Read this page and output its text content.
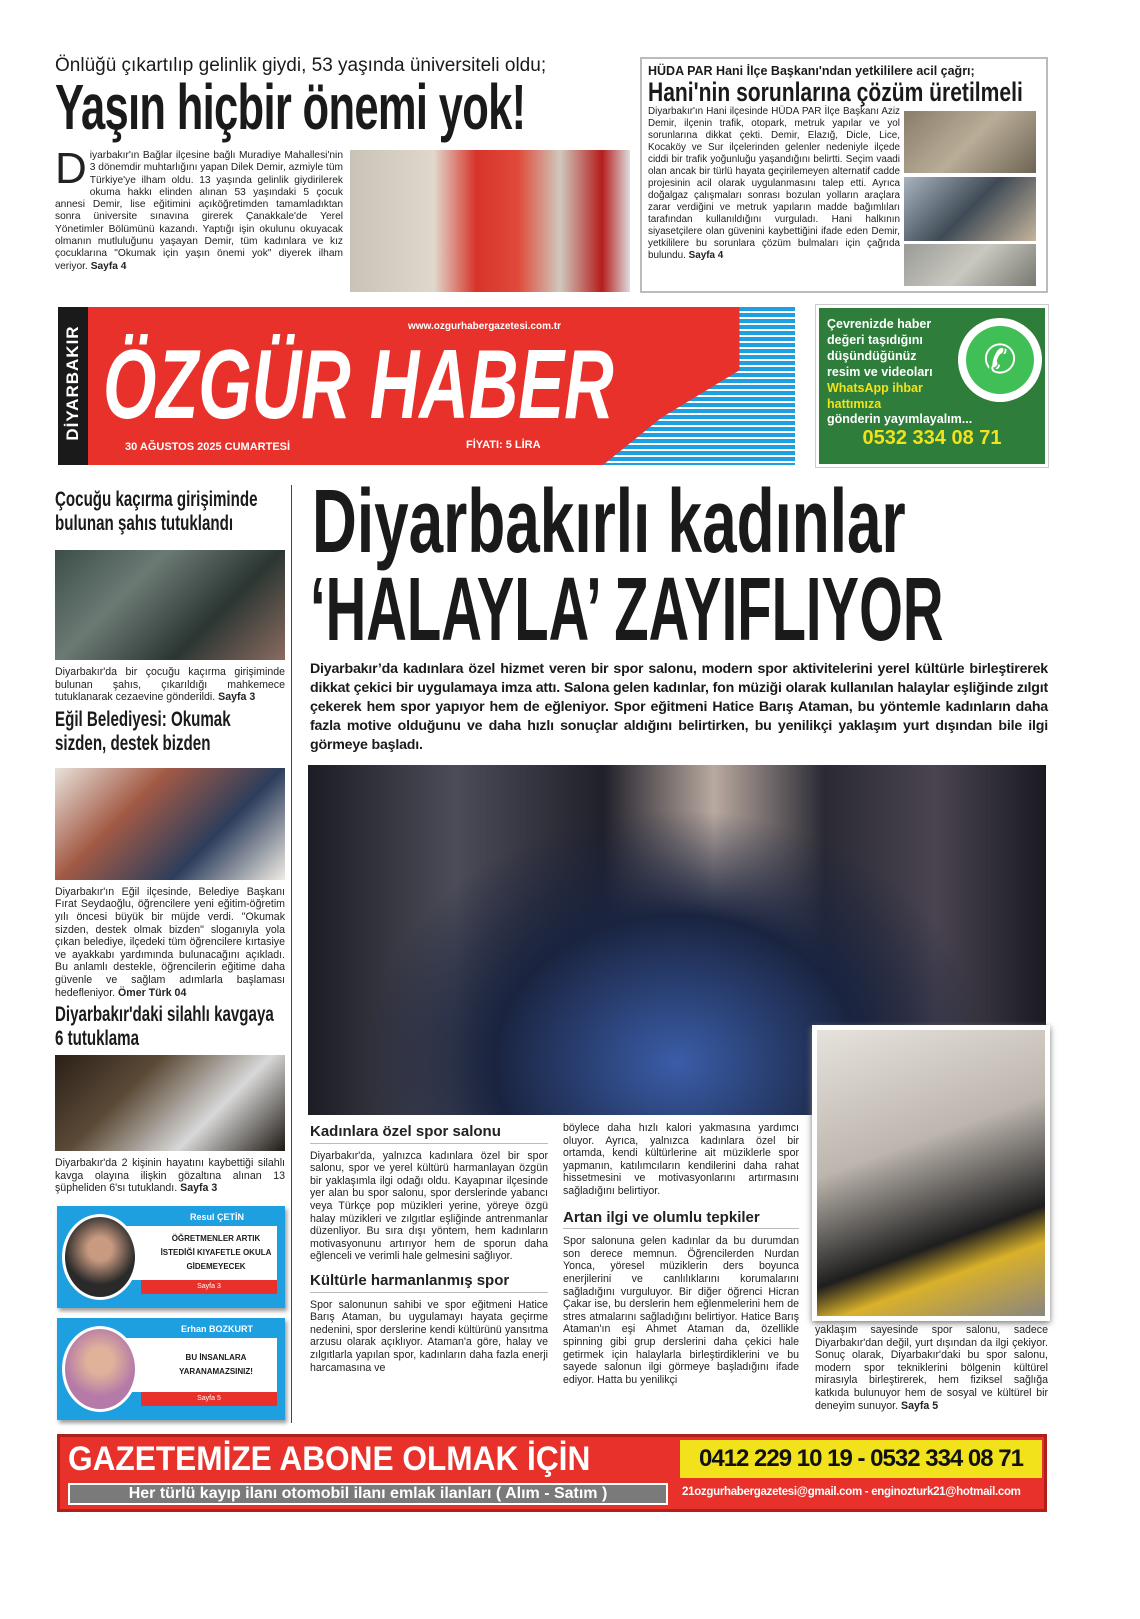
Önlüğü çıkartılıp gelinlik giydi, 53 yaşında üniversiteli oldu;
Yaşın hiçbir önemi yok!
Diyarbakır'ın Bağlar ilçesine bağlı Muradiye Mahallesi'nin 3 dönemdir muhtarlığını yapan Dilek Demir, azmiyle tüm Türkiye'ye ilham oldu. 13 yaşında gelinlik giydirilerek okuma hakkı elinden alınan 53 yaşındaki 5 çocuk annesi Demir, lise eğitimini açıköğretimden tamamladıktan sonra üniversite sınavına girerek Çanakkale'de Yerel Yönetimler Bölümünü kazandı. Yaptığı işin okulunu okuyacak olmanın mutluluğunu yaşayan Demir, tüm kadınlara ve kız çocuklarına "Okumak için yaşın önemi yok" diyerek ilham veriyor. Sayfa 4
HÜDA PAR Hani İlçe Başkanı'ndan yetkililere acil çağrı;
Hani'nin sorunlarına çözüm üretilmeli
Diyarbakır'ın Hani ilçesinde HÜDA PAR İlçe Başkanı Aziz Demir, ilçenin trafik, otopark, metruk yapılar ve yol sorunlarına dikkat çekti. Demir, Elazığ, Dicle, Lice, Kocaköy ve Sur ilçelerinden gelenler nedeniyle ilçede ciddi bir trafik yoğunluğu yaşandığını belirtti. Seçim vaadi olan ancak bir türlü hayata geçirilemeyen alternatif cadde projesinin acil olarak uygulanmasını talep etti. Ayrıca doğalgaz çalışmaları sonrası bozulan yolların araçlara zarar verdiğini ve metruk yapıların madde bağımlıları tarafından kullanıldığını vurguladı. Hani halkının siyasetçilere olan güvenini kaybettiğini ifade eden Demir, yetkililere bu sorunlara çözüm bulmaları için çağrıda bulundu. Sayfa 4
DİYARBAKIR	www.ozgurhabergazetesi.com.tr
ÖZGÜR HABER
30 AĞUSTOS 2025 CUMARTESİ	FİYATI: 5 LİRA
Çevrenizde haber değeri taşıdığını düşündüğünüz resim ve videoları
WhatsApp ihbar hattımıza
gönderin yayımlayalım...
0532 334 08 71
✆
Çocuğu kaçırma girişiminde bulunan şahıs tutuklandı
Diyarbakır'da bir çocuğu kaçırma girişiminde bulunan şahıs, çıkarıldığı mahkemece tutuklanarak cezaevine gönderildi. Sayfa 3
Eğil Belediyesi: Okumak sizden, destek bizden
Diyarbakır'ın Eğil ilçesinde, Belediye Başkanı Fırat Seydaoğlu, öğrencilere yeni eğitim-öğretim yılı öncesi büyük bir müjde verdi. "Okumak sizden, destek olmak bizden" sloganıyla yola çıkan belediye, ilçedeki tüm öğrencilere kırtasiye ve ayakkabı yardımında bulunacağını açıkladı. Bu anlamlı destekle, öğrencilerin eğitime daha güvenle ve sağlam adımlarla başlaması hedefleniyor. Ömer Türk 04
Diyarbakır'daki silahlı kavgaya 6 tutuklama
Diyarbakır'da 2 kişinin hayatını kaybettiği silahlı kavga olayına ilişkin gözaltına alınan 13 şüpheliden 6'sı tutuklandı. Sayfa 3
Resul ÇETİN
ÖĞRETMENLER ARTIK İSTEDİĞİ KIYAFETLE OKULA GİDEMEYECEK
Sayfa 3
Erhan BOZKURT
BU İNSANLARA YARANAMAZSINIZ!
Sayfa 5
Diyarbakırlı kadınlar
‘HALAYLA’ ZAYIFLIYOR
Diyarbakır’da kadınlara özel hizmet veren bir spor salonu, modern spor aktivitelerini yerel kültürle birleştirerek dikkat çekici bir uygulamaya imza attı. Salona gelen kadınlar, fon müziği olarak kullanılan halaylar eşliğinde zılgıt çekerek hem spor yapıyor hem de eğleniyor. Spor eğitmeni Hatice Barış Ataman, bu yöntemle kadınların daha fazla motive olduğunu ve daha hızlı sonuçlar aldığını belirtirken, bu yenilikçi yaklaşım yurt dışından bile ilgi görmeye başladı.
Kadınlara özel spor salonu
Diyarbakır'da, yalnızca kadınlara özel bir spor salonu, spor ve yerel kültürü harmanlayan özgün bir yaklaşımla ilgi odağı oldu. Kayapınar ilçesinde yer alan bu spor salonu, spor derslerinde yabancı veya Türkçe pop müzikleri yerine, yöreye özgü halay müzikleri ve zılgıtlar eşliğinde antrenmanlar düzenliyor. Bu sıra dışı yöntem, hem kadınların motivasyonunu artırıyor hem de sporun daha eğlenceli ve verimli hale gelmesini sağlıyor.
Kültürle harmanlanmış spor
Spor salonunun sahibi ve spor eğitmeni Hatice Barış Ataman, bu uygulamayı hayata geçirme nedenini, spor derslerine kendi kültürünü yansıtma arzusu olarak açıklıyor. Ataman'a göre, halay ve zılgıtlarla yapılan spor, kadınların daha fazla enerji harcamasına ve
böylece daha hızlı kalori yakmasına yardımcı oluyor. Ayrıca, yalnızca kadınlara özel bir ortamda, kendi kültürlerine ait müziklerle spor yapmanın, katılımcıların kendilerini daha rahat hissetmesini ve motivasyonlarını artırmasını sağladığını belirtiyor.
Artan ilgi ve olumlu tepkiler
Spor salonuna gelen kadınlar da bu durumdan son derece memnun. Öğrencilerden Nurdan Yonca, yöresel müziklerin ders boyunca enerjilerini ve canlılıklarını korumalarını sağladığını vurguluyor. Bir diğer öğrenci Hicran Çakar ise, bu derslerin hem eğlenmelerini hem de stres atmalarını sağladığını belirtiyor. Hatice Barış Ataman'ın eşi Ahmet Ataman da, özellikle spinning gibi grup derslerini daha çekici hale getirmek için halaylarla birleştirdiklerini ve bu sayede salonun ilgi görmeye başladığını ifade ediyor. Hatta bu yenilikçi
yaklaşım sayesinde spor salonu, sadece Diyarbakır'dan değil, yurt dışından da ilgi çekiyor. Sonuç olarak, Diyarbakır'daki bu spor salonu, modern spor tekniklerini bölgenin kültürel mirasıyla birleştirerek, hem fiziksel sağlığa katkıda bulunuyor hem de sosyal ve kültürel bir deneyim sunuyor. Sayfa 5
GAZETEMİZE ABONE OLMAK İÇİN	0412 229 10 19 - 0532 334 08 71
Her türlü kayıp ilanı otomobil ilanı emlak ilanları ( Alım - Satım )	21ozgurhabergazetesi@gmail.com - enginozturk21@hotmail.com
